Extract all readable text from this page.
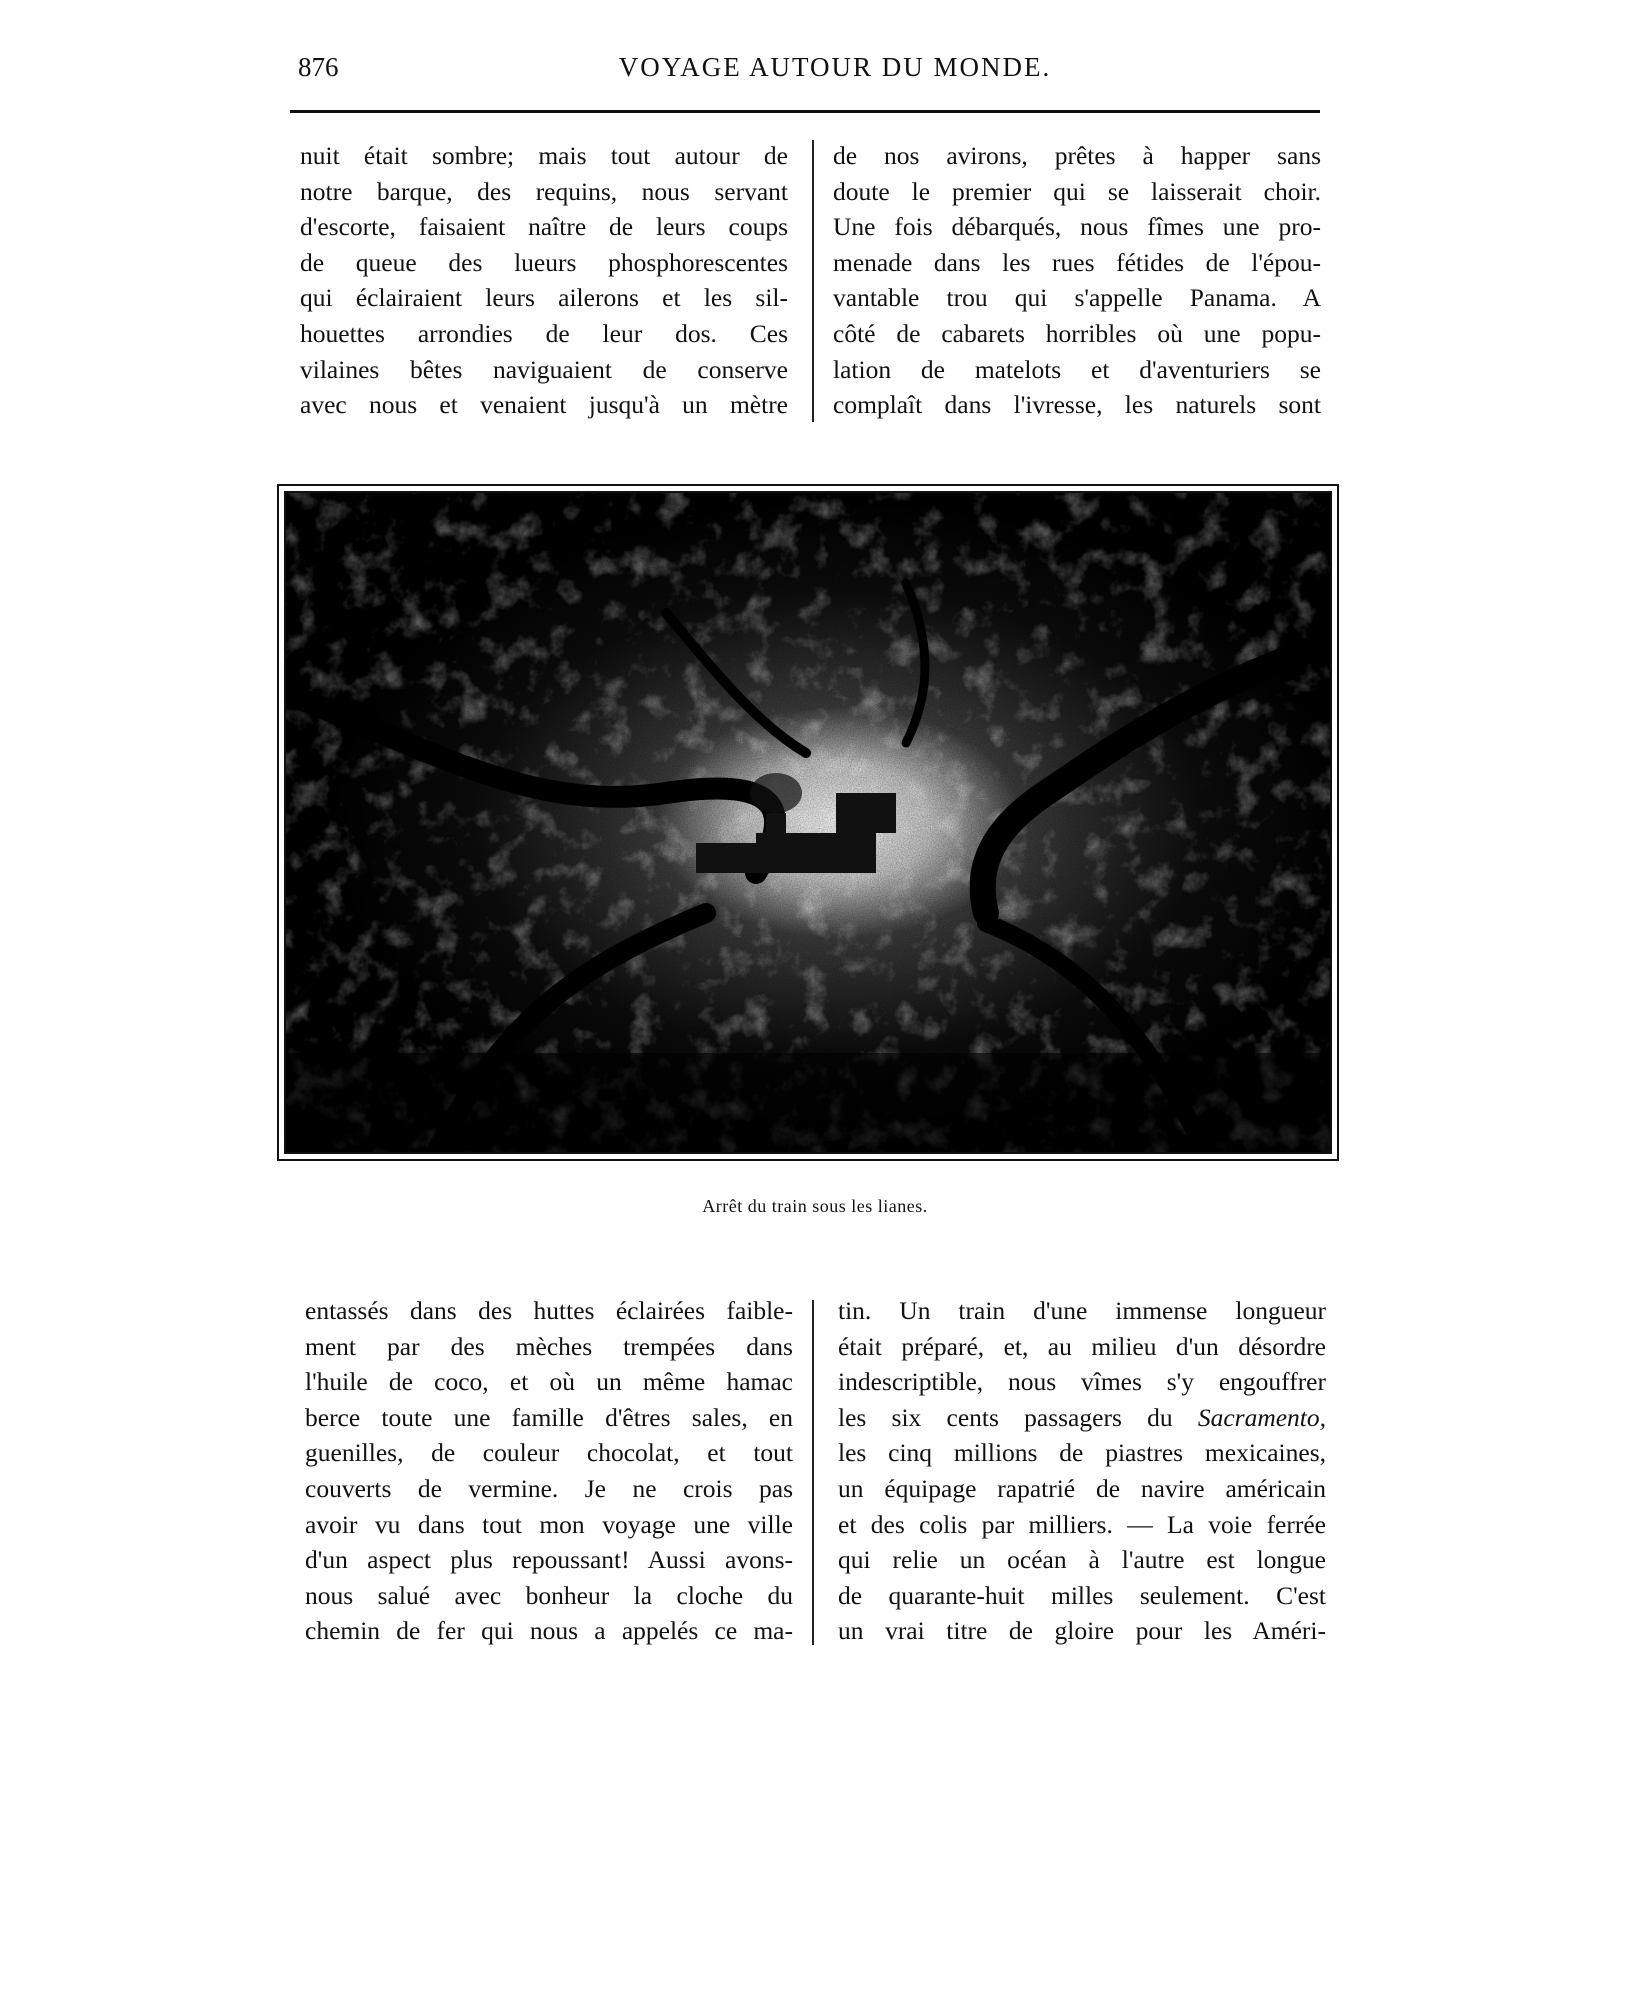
876	VOYAGE AUTOUR DU MONDE.
nuit était sombre; mais tout autour de
notre barque, des requins, nous servant
d'escorte, faisaient naître de leurs coups
de queue des lueurs phosphorescentes
qui éclairaient leurs ailerons et les sil-
houettes arrondies de leur dos. Ces
vilaines bêtes naviguaient de conserve
avec nous et venaient jusqu'à un mètre
de nos avirons, prêtes à happer sans
doute le premier qui se laisserait choir.
Une fois débarqués, nous fîmes une pro-
menade dans les rues fétides de l'épou-
vantable trou qui s'appelle Panama. A
côté de cabarets horribles où une popu-
lation de matelots et d'aventuriers se
complaît dans l'ivresse, les naturels sont
Arrêt du train sous les lianes.
entassés dans des huttes éclairées faible-
ment par des mèches trempées dans
l'huile de coco, et où un même hamac
berce toute une famille d'êtres sales, en
guenilles, de couleur chocolat, et tout
couverts de vermine. Je ne crois pas
avoir vu dans tout mon voyage une ville
d'un aspect plus repoussant! Aussi avons-
nous salué avec bonheur la cloche du
chemin de fer qui nous a appelés ce ma-
tin. Un train d'une immense longueur
était préparé, et, au milieu d'un désordre
indescriptible, nous vîmes s'y engouffrer
les six cents passagers du Sacramento,
les cinq millions de piastres mexicaines,
un équipage rapatrié de navire américain
et des colis par milliers. — La voie ferrée
qui relie un océan à l'autre est longue
de quarante-huit milles seulement. C'est
un vrai titre de gloire pour les Améri-
